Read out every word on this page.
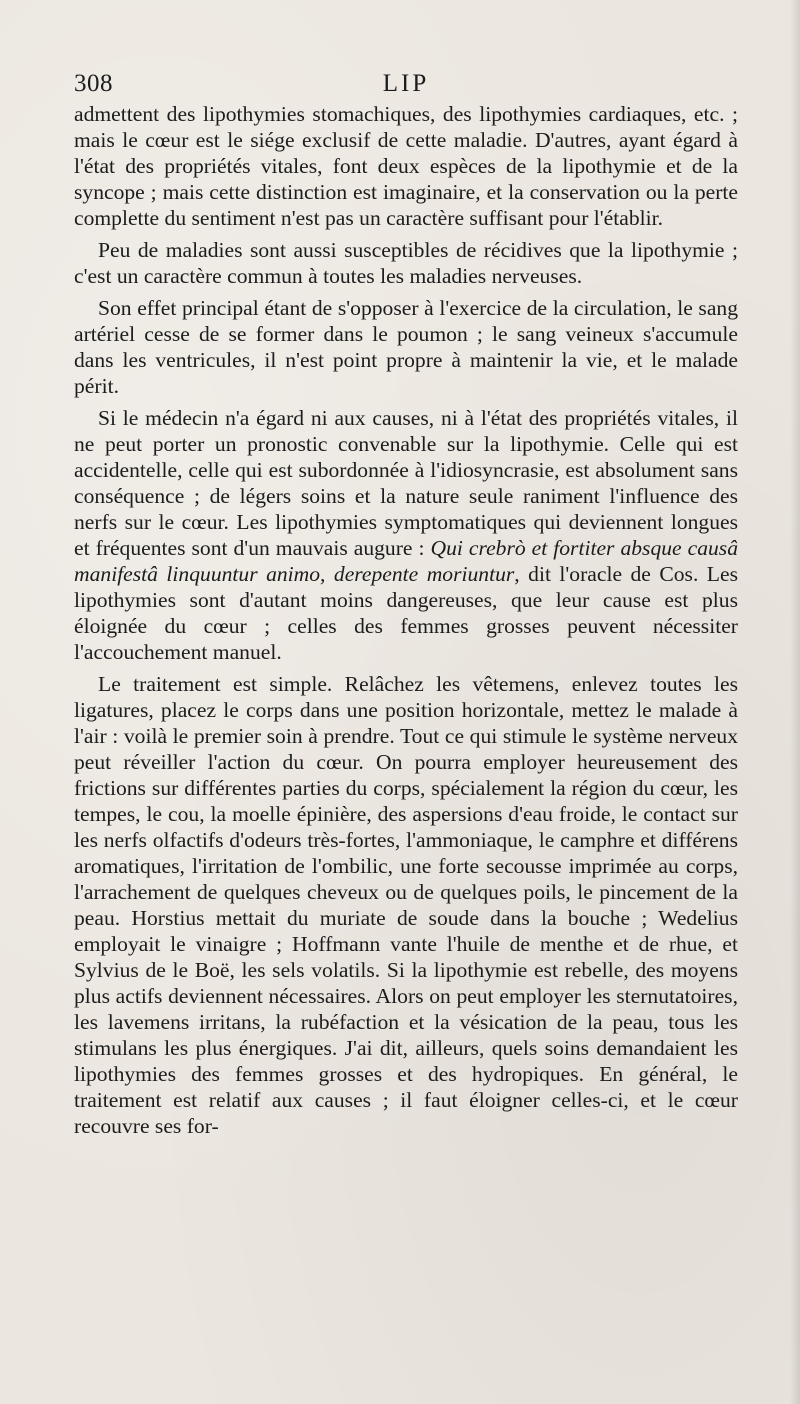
308	LIP

admettent des lipothymies stomachiques, des lipothymies cardiaques, etc. ; mais le cœur est le siége exclusif de cette maladie. D'autres, ayant égard à l'état des propriétés vitales, font deux espèces de la lipothymie et de la syncope ; mais cette distinction est imaginaire, et la conservation ou la perte complette du sentiment n'est pas un caractère suffisant pour l'établir.

Peu de maladies sont aussi susceptibles de récidives que la lipothymie ; c'est un caractère commun à toutes les maladies nerveuses.

Son effet principal étant de s'opposer à l'exercice de la circulation, le sang artériel cesse de se former dans le poumon ; le sang veineux s'accumule dans les ventricules, il n'est point propre à maintenir la vie, et le malade périt.

Si le médecin n'a égard ni aux causes, ni à l'état des propriétés vitales, il ne peut porter un pronostic convenable sur la lipothymie. Celle qui est accidentelle, celle qui est subordonnée à l'idiosyncrasie, est absolument sans conséquence ; de légers soins et la nature seule raniment l'influence des nerfs sur le cœur. Les lipothymies symptomatiques qui deviennent longues et fréquentes sont d'un mauvais augure : Qui crebrò et fortiter absque causâ manifestâ linquuntur animo, derepente moriuntur, dit l'oracle de Cos. Les lipothymies sont d'autant moins dangereuses, que leur cause est plus éloignée du cœur ; celles des femmes grosses peuvent nécessiter l'accouchement manuel.

Le traitement est simple. Relâchez les vêtemens, enlevez toutes les ligatures, placez le corps dans une position horizontale, mettez le malade à l'air : voilà le premier soin à prendre. Tout ce qui stimule le système nerveux peut réveiller l'action du cœur. On pourra employer heureusement des frictions sur différentes parties du corps, spécialement la région du cœur, les tempes, le cou, la moelle épinière, des aspersions d'eau froide, le contact sur les nerfs olfactifs d'odeurs très-fortes, l'ammoniaque, le camphre et différens aromatiques, l'irritation de l'ombilic, une forte secousse imprimée au corps, l'arrachement de quelques cheveux ou de quelques poils, le pincement de la peau. Horstius mettait du muriate de soude dans la bouche ; Wedelius employait le vinaigre ; Hoffmann vante l'huile de menthe et de rhue, et Sylvius de le Boë, les sels volatils. Si la lipothymie est rebelle, des moyens plus actifs deviennent nécessaires. Alors on peut employer les sternutatoires, les lavemens irritans, la rubéfaction et la vésication de la peau, tous les stimulans les plus énergiques. J'ai dit, ailleurs, quels soins demandaient les lipothymies des femmes grosses et des hydropiques. En général, le traitement est relatif aux causes ; il faut éloigner celles-ci, et le cœur recouvre ses for-
